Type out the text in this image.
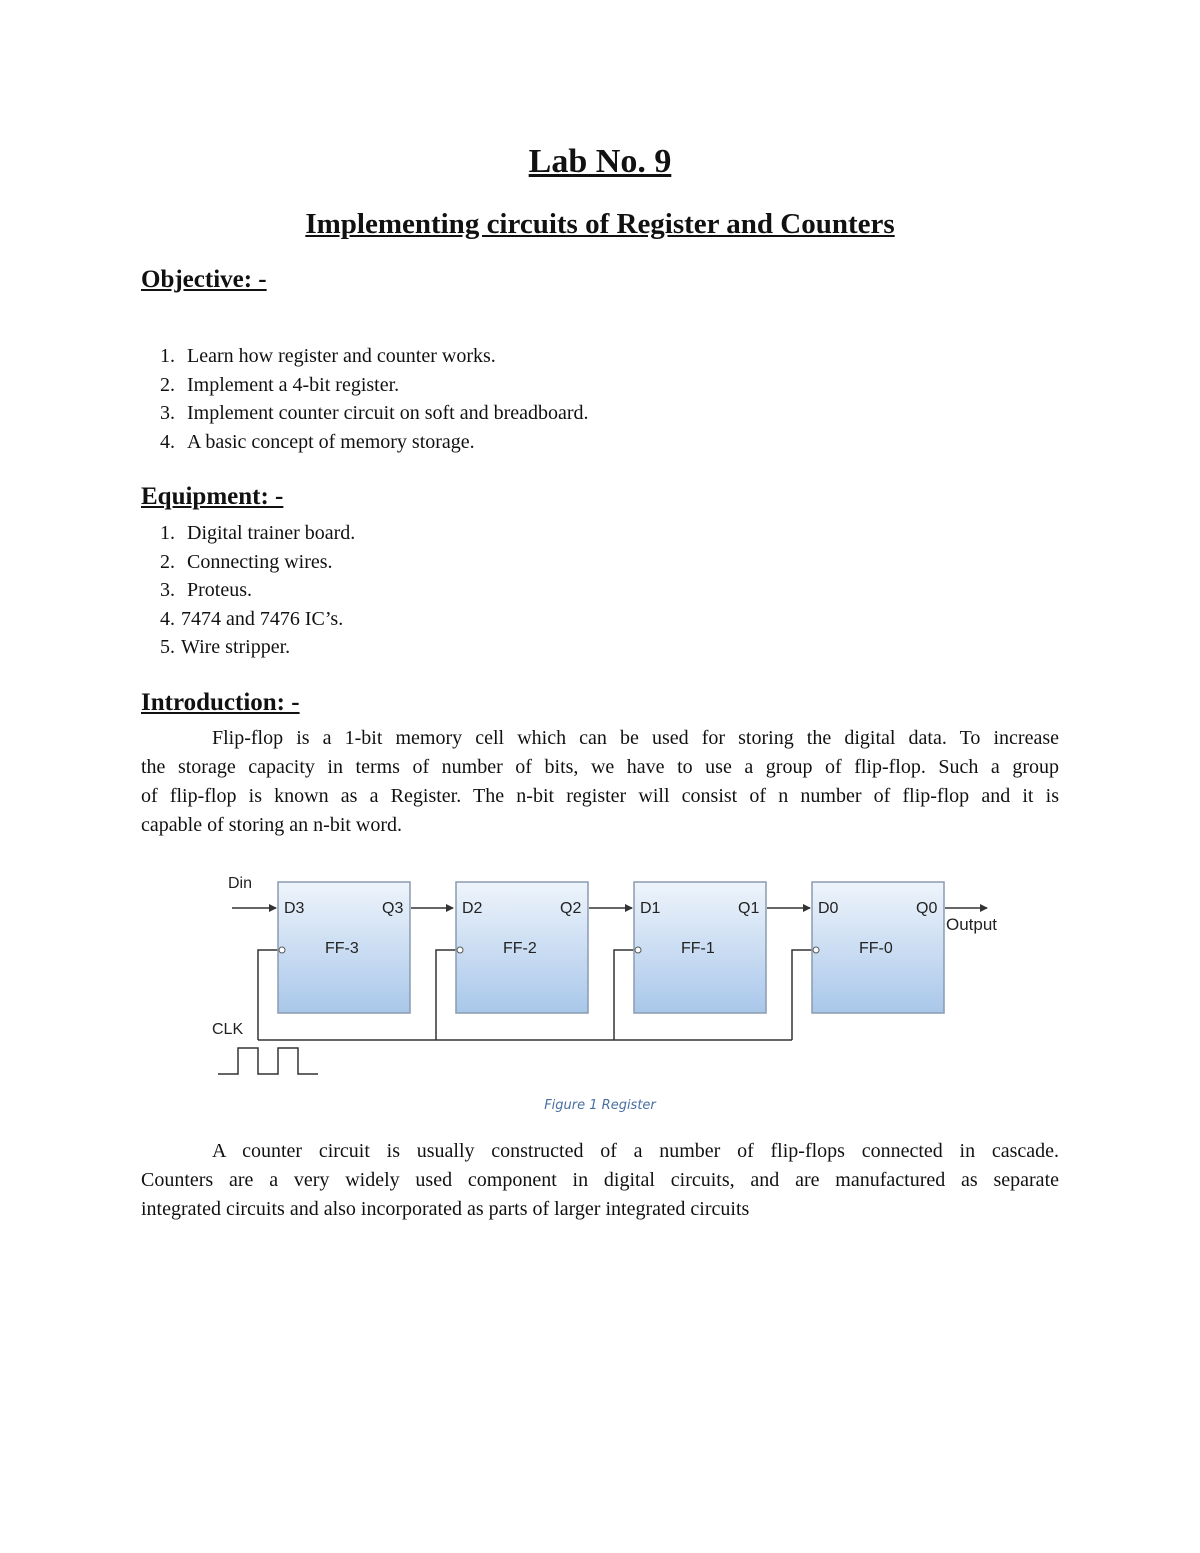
Lab No. 9
Implementing circuits of Register and Counters
Objective: -
1. Learn how register and counter works.
2. Implement a 4-bit register.
3. Implement counter circuit on soft and breadboard.
4. A basic concept of memory storage.
Equipment: -
1. Digital trainer board.
2. Connecting wires.
3. Proteus.
4. 7474 and 7476 IC’s.
5. Wire stripper.
Introduction: -

Flip-flop is a 1-bit memory cell which can be used for storing the digital data. To increase
the storage capacity in terms of number of bits, we have to use a group of flip-flop. Such a group
of flip-flop is known as a Register. The n-bit register will consist of n number of flip-flop and it is
capable of storing an n-bit word.

D3	Q3
FF-3
D2	Q2
FF-2
D1	Q1
FF-1
D0	Q0
FF-0
Din
Output
CLK
Figure 1 Register

A counter circuit is usually constructed of a number of flip-flops connected in cascade.
Counters are a very widely used component in digital circuits, and are manufactured as separate
integrated circuits and also incorporated as parts of larger integrated circuits
